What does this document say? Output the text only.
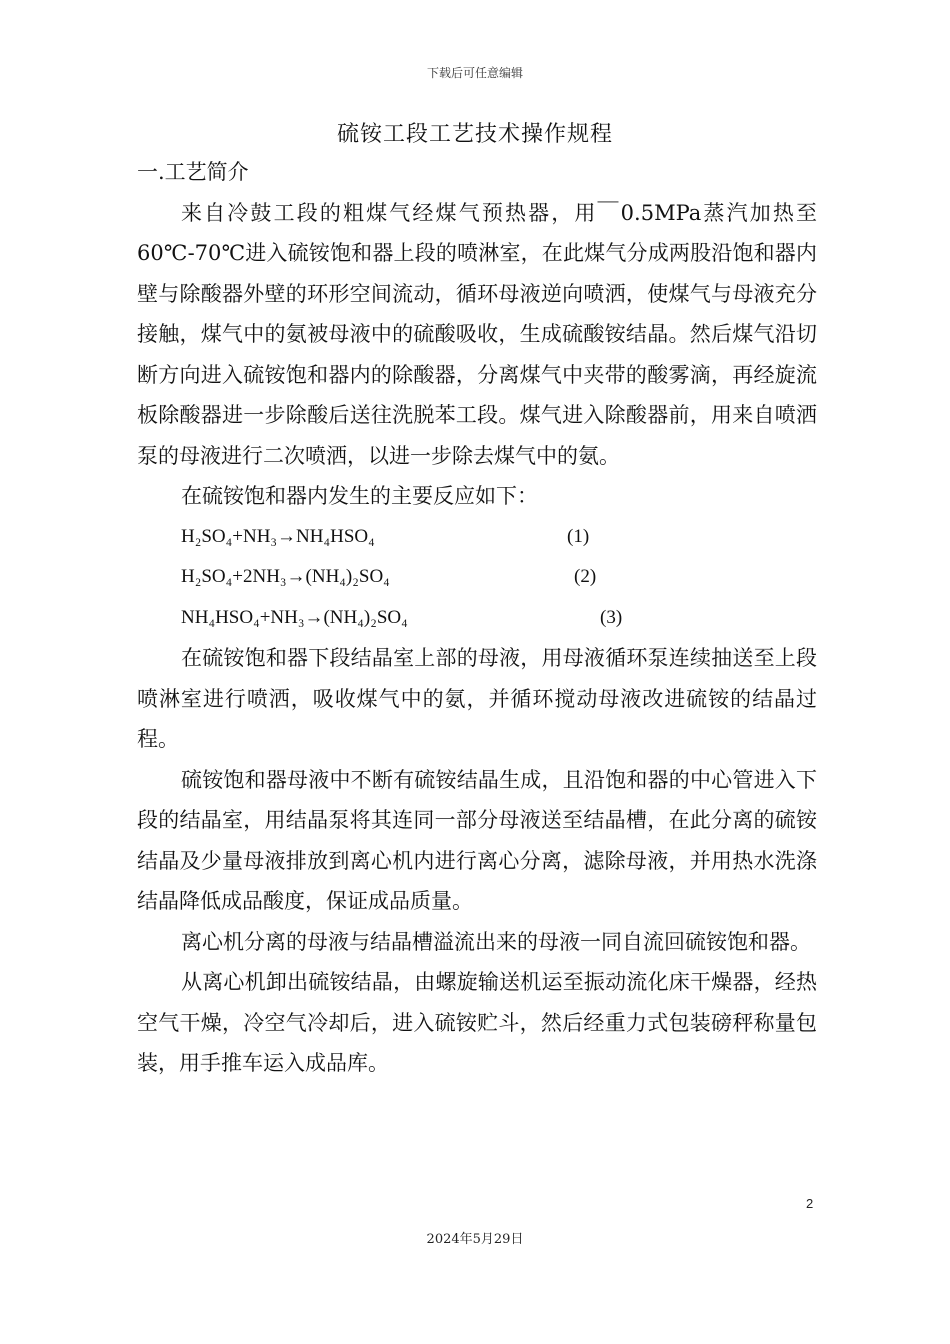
下载后可任意编辑
硫铵工段工艺技术操作规程

一.工艺简介

来自冷鼓工段的粗煤气经煤气预热器，用￣0.5MPa蒸汽加热至60℃-70℃进入硫铵饱和器上段的喷淋室，在此煤气分成两股沿饱和器内壁与除酸器外壁的环形空间流动，循环母液逆向喷洒，使煤气与母液充分接触，煤气中的氨被母液中的硫酸吸收，生成硫酸铵结晶。然后煤气沿切断方向进入硫铵饱和器内的除酸器，分离煤气中夹带的酸雾滴，再经旋流板除酸器进一步除酸后送往洗脱苯工段。煤气进入除酸器前，用来自喷洒泵的母液进行二次喷洒，以进一步除去煤气中的氨。

在硫铵饱和器内发生的主要反应如下：

H₂SO₄+NH₃→NH₄HSO₄	(1)
H₂SO₄+2NH₃→(NH₄)₂SO₄	(2)
NH₄HSO₄+NH₃→(NH₄)₂SO₄	(3)

在硫铵饱和器下段结晶室上部的母液，用母液循环泵连续抽送至上段喷淋室进行喷洒，吸收煤气中的氨，并循环搅动母液改进硫铵的结晶过程。

硫铵饱和器母液中不断有硫铵结晶生成，且沿饱和器的中心管进入下段的结晶室，用结晶泵将其连同一部分母液送至结晶槽，在此分离的硫铵结晶及少量母液排放到离心机内进行离心分离，滤除母液，并用热水洗涤结晶降低成品酸度，保证成品质量。

离心机分离的母液与结晶槽溢流出来的母液一同自流回硫铵饱和器。

从离心机卸出硫铵结晶，由螺旋输送机运至振动流化床干燥器，经热空气干燥，冷空气冷却后，进入硫铵贮斗，然后经重力式包装磅秤称量包装，用手推车运入成品库。

2
2024年5月29日
